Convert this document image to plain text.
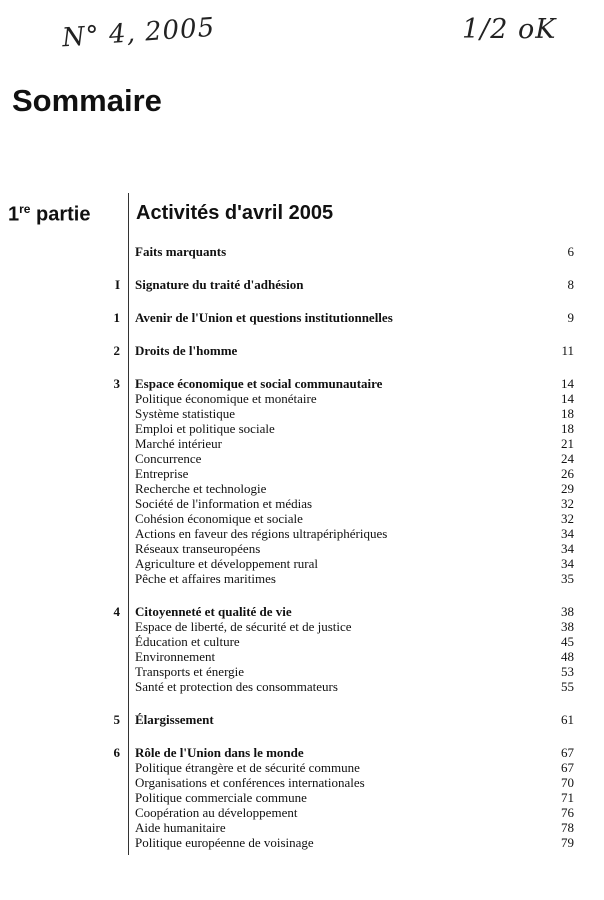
N° 4, 2005	1/2 oK
Sommaire
1re partie Activités d'avril 2005
Faits marquants	6
I Signature du traité d'adhésion	8
1 Avenir de l'Union et questions institutionnelles	9
2 Droits de l'homme	11
3 Espace économique et social communautaire	14
Politique économique et monétaire	14
Système statistique	18
Emploi et politique sociale	18
Marché intérieur	21
Concurrence	24
Entreprise	26
Recherche et technologie	29
Société de l'information et médias	32
Cohésion économique et sociale	32
Actions en faveur des régions ultrapériphériques	34
Réseaux transeuropéens	34
Agriculture et développement rural	34
Pêche et affaires maritimes	35
4 Citoyenneté et qualité de vie	38
Espace de liberté, de sécurité et de justice	38
Éducation et culture	45
Environnement	48
Transports et énergie	53
Santé et protection des consommateurs	55
5 Élargissement	61
6 Rôle de l'Union dans le monde	67
Politique étrangère et de sécurité commune	67
Organisations et conférences internationales	70
Politique commerciale commune	71
Coopération au développement	76
Aide humanitaire	78
Politique européenne de voisinage	79
